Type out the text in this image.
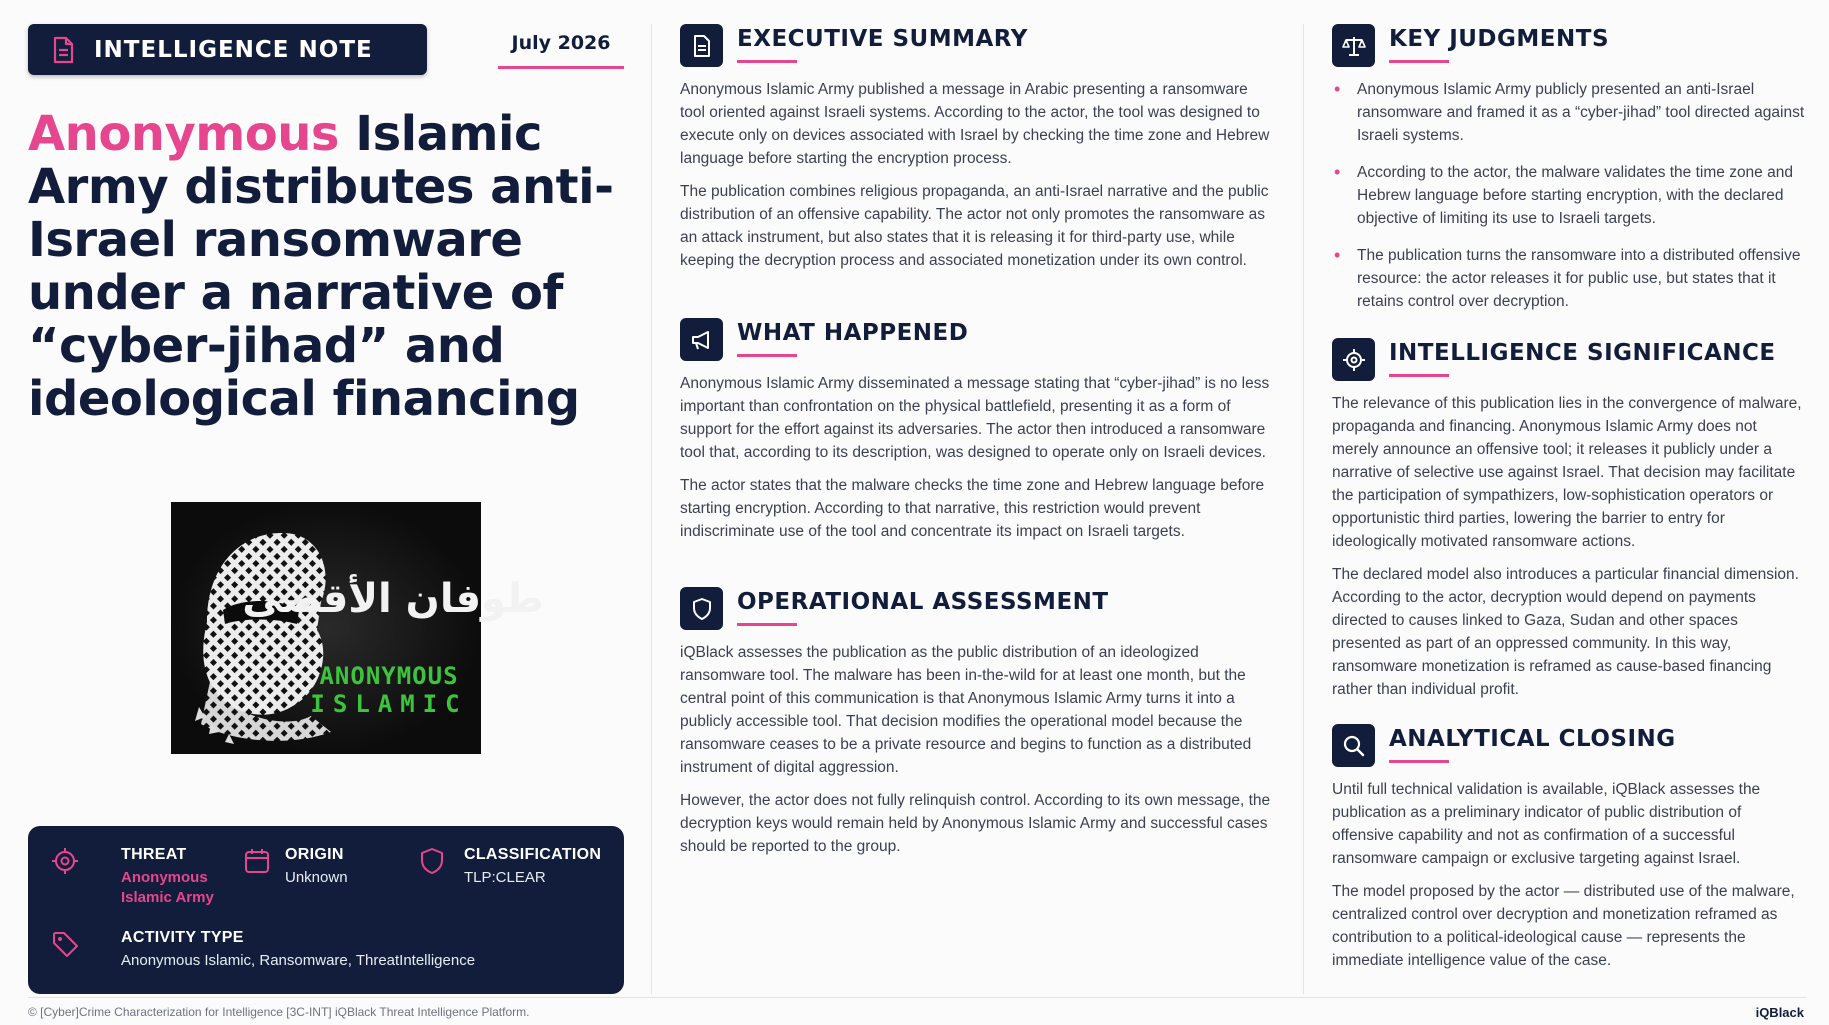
INTELLIGENCE NOTE	July 2026
Anonymous Islamic Army distributes anti-Israel ransomware under a narrative of “cyber-jihad” and ideological financing
طوفان الأقصى
ANONYMOUS
ISLAMIC
THREAT
Anonymous Islamic Army
ORIGIN
Unknown
CLASSIFICATION
TLP:CLEAR
ACTIVITY TYPE
Anonymous Islamic, Ransomware, ThreatIntelligence
EXECUTIVE SUMMARY

Anonymous Islamic Army published a message in Arabic presenting a ransomware tool oriented against Israeli systems. According to the actor, the tool was designed to execute only on devices associated with Israel by checking the time zone and Hebrew language before starting the encryption process.

The publication combines religious propaganda, an anti-Israel narrative and the public distribution of an offensive capability. The actor not only promotes the ransomware as an attack instrument, but also states that it is releasing it for third-party use, while keeping the decryption process and associated monetization under its own control.

WHAT HAPPENED

Anonymous Islamic Army disseminated a message stating that “cyber-jihad” is no less important than confrontation on the physical battlefield, presenting it as a form of support for the effort against its adversaries. The actor then introduced a ransomware tool that, according to its description, was designed to operate only on Israeli devices.

The actor states that the malware checks the time zone and Hebrew language before starting encryption. According to that narrative, this restriction would prevent indiscriminate use of the tool and concentrate its impact on Israeli targets.

OPERATIONAL ASSESSMENT

iQBlack assesses the publication as the public distribution of an ideologized ransomware tool. The malware has been in-the-wild for at least one month, but the central point of this communication is that Anonymous Islamic Army turns it into a publicly accessible tool. That decision modifies the operational model because the ransomware ceases to be a private resource and begins to function as a distributed instrument of digital aggression.

However, the actor does not fully relinquish control. According to its own message, the decryption keys would remain held by Anonymous Islamic Army and successful cases should be reported to the group.

KEY JUDGMENTS
• Anonymous Islamic Army publicly presented an anti-Israel ransomware and framed it as a “cyber-jihad” tool directed against Israeli systems.
• According to the actor, the malware validates the time zone and Hebrew language before starting encryption, with the declared objective of limiting its use to Israeli targets.
• The publication turns the ransomware into a distributed offensive resource: the actor releases it for public use, but states that it retains control over decryption.
INTELLIGENCE SIGNIFICANCE

The relevance of this publication lies in the convergence of malware, propaganda and financing. Anonymous Islamic Army does not merely announce an offensive tool; it releases it publicly under a narrative of selective use against Israel. That decision may facilitate the participation of sympathizers, low-sophistication operators or opportunistic third parties, lowering the barrier to entry for ideologically motivated ransomware actions.

The declared model also introduces a particular financial dimension. According to the actor, decryption would depend on payments directed to causes linked to Gaza, Sudan and other spaces presented as part of an oppressed community. In this way, ransomware monetization is reframed as cause-based financing rather than individual profit.

ANALYTICAL CLOSING

Until full technical validation is available, iQBlack assesses the publication as a preliminary indicator of public distribution of offensive capability and not as confirmation of a successful ransomware campaign or exclusive targeting against Israel.

The model proposed by the actor — distributed use of the malware, centralized control over decryption and monetization reframed as contribution to a political-ideological cause — represents the immediate intelligence value of the case.

© [Cyber]Crime Characterization for Intelligence [3C-INT] iQBlack Threat Intelligence Platform.	iQBlack
